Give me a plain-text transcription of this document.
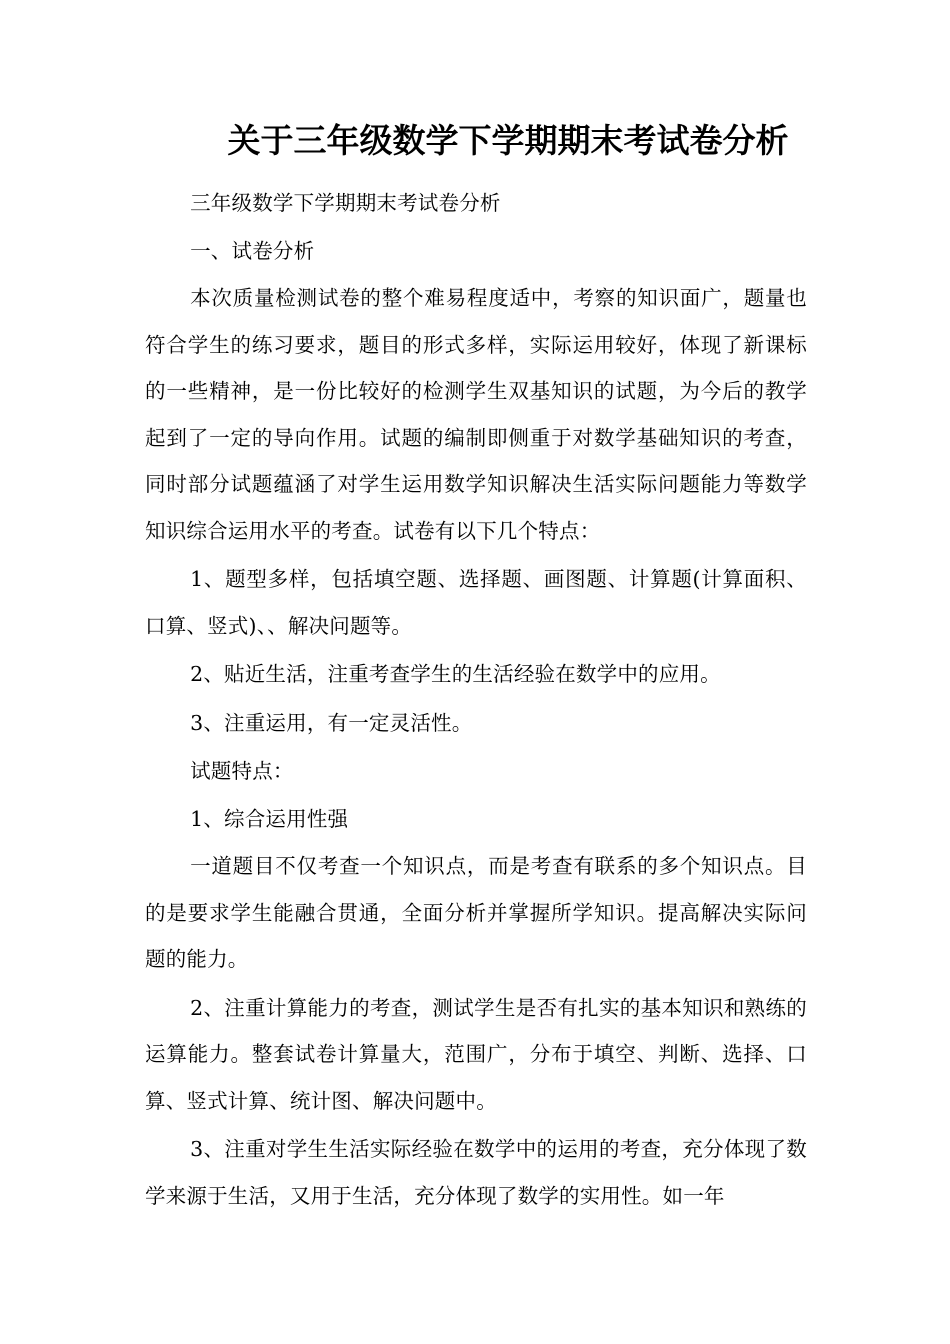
关于三年级数学下学期期末考试卷分析

三年级数学下学期期末考试卷分析

一、试卷分析

本次质量检测试卷的整个难易程度适中，考察的知识面广，题量也符合学生的练习要求，题目的形式多样，实际运用较好，体现了新课标的一些精神，是一份比较好的检测学生双基知识的试题，为今后的教学起到了一定的导向作用。试题的编制即侧重于对数学基础知识的考查，同时部分试题蕴涵了对学生运用数学知识解决生活实际问题能力等数学知识综合运用水平的考查。试卷有以下几个特点：

1、题型多样，包括填空题、选择题、画图题、计算题(计算面积、口算、竖式)、、解决问题等。

2、贴近生活，注重考查学生的生活经验在数学中的应用。

3、注重运用，有一定灵活性。

试题特点：

1、综合运用性强

一道题目不仅考查一个知识点，而是考查有联系的多个知识点。目的是要求学生能融合贯通，全面分析并掌握所学知识。提高解决实际问题的能力。

2、注重计算能力的考查，测试学生是否有扎实的基本知识和熟练的运算能力。整套试卷计算量大，范围广，分布于填空、判断、选择、口算、竖式计算、统计图、解决问题中。

3、注重对学生生活实际经验在数学中的运用的考查，充分体现了数学来源于生活，又用于生活，充分体现了数学的实用性。如一年
